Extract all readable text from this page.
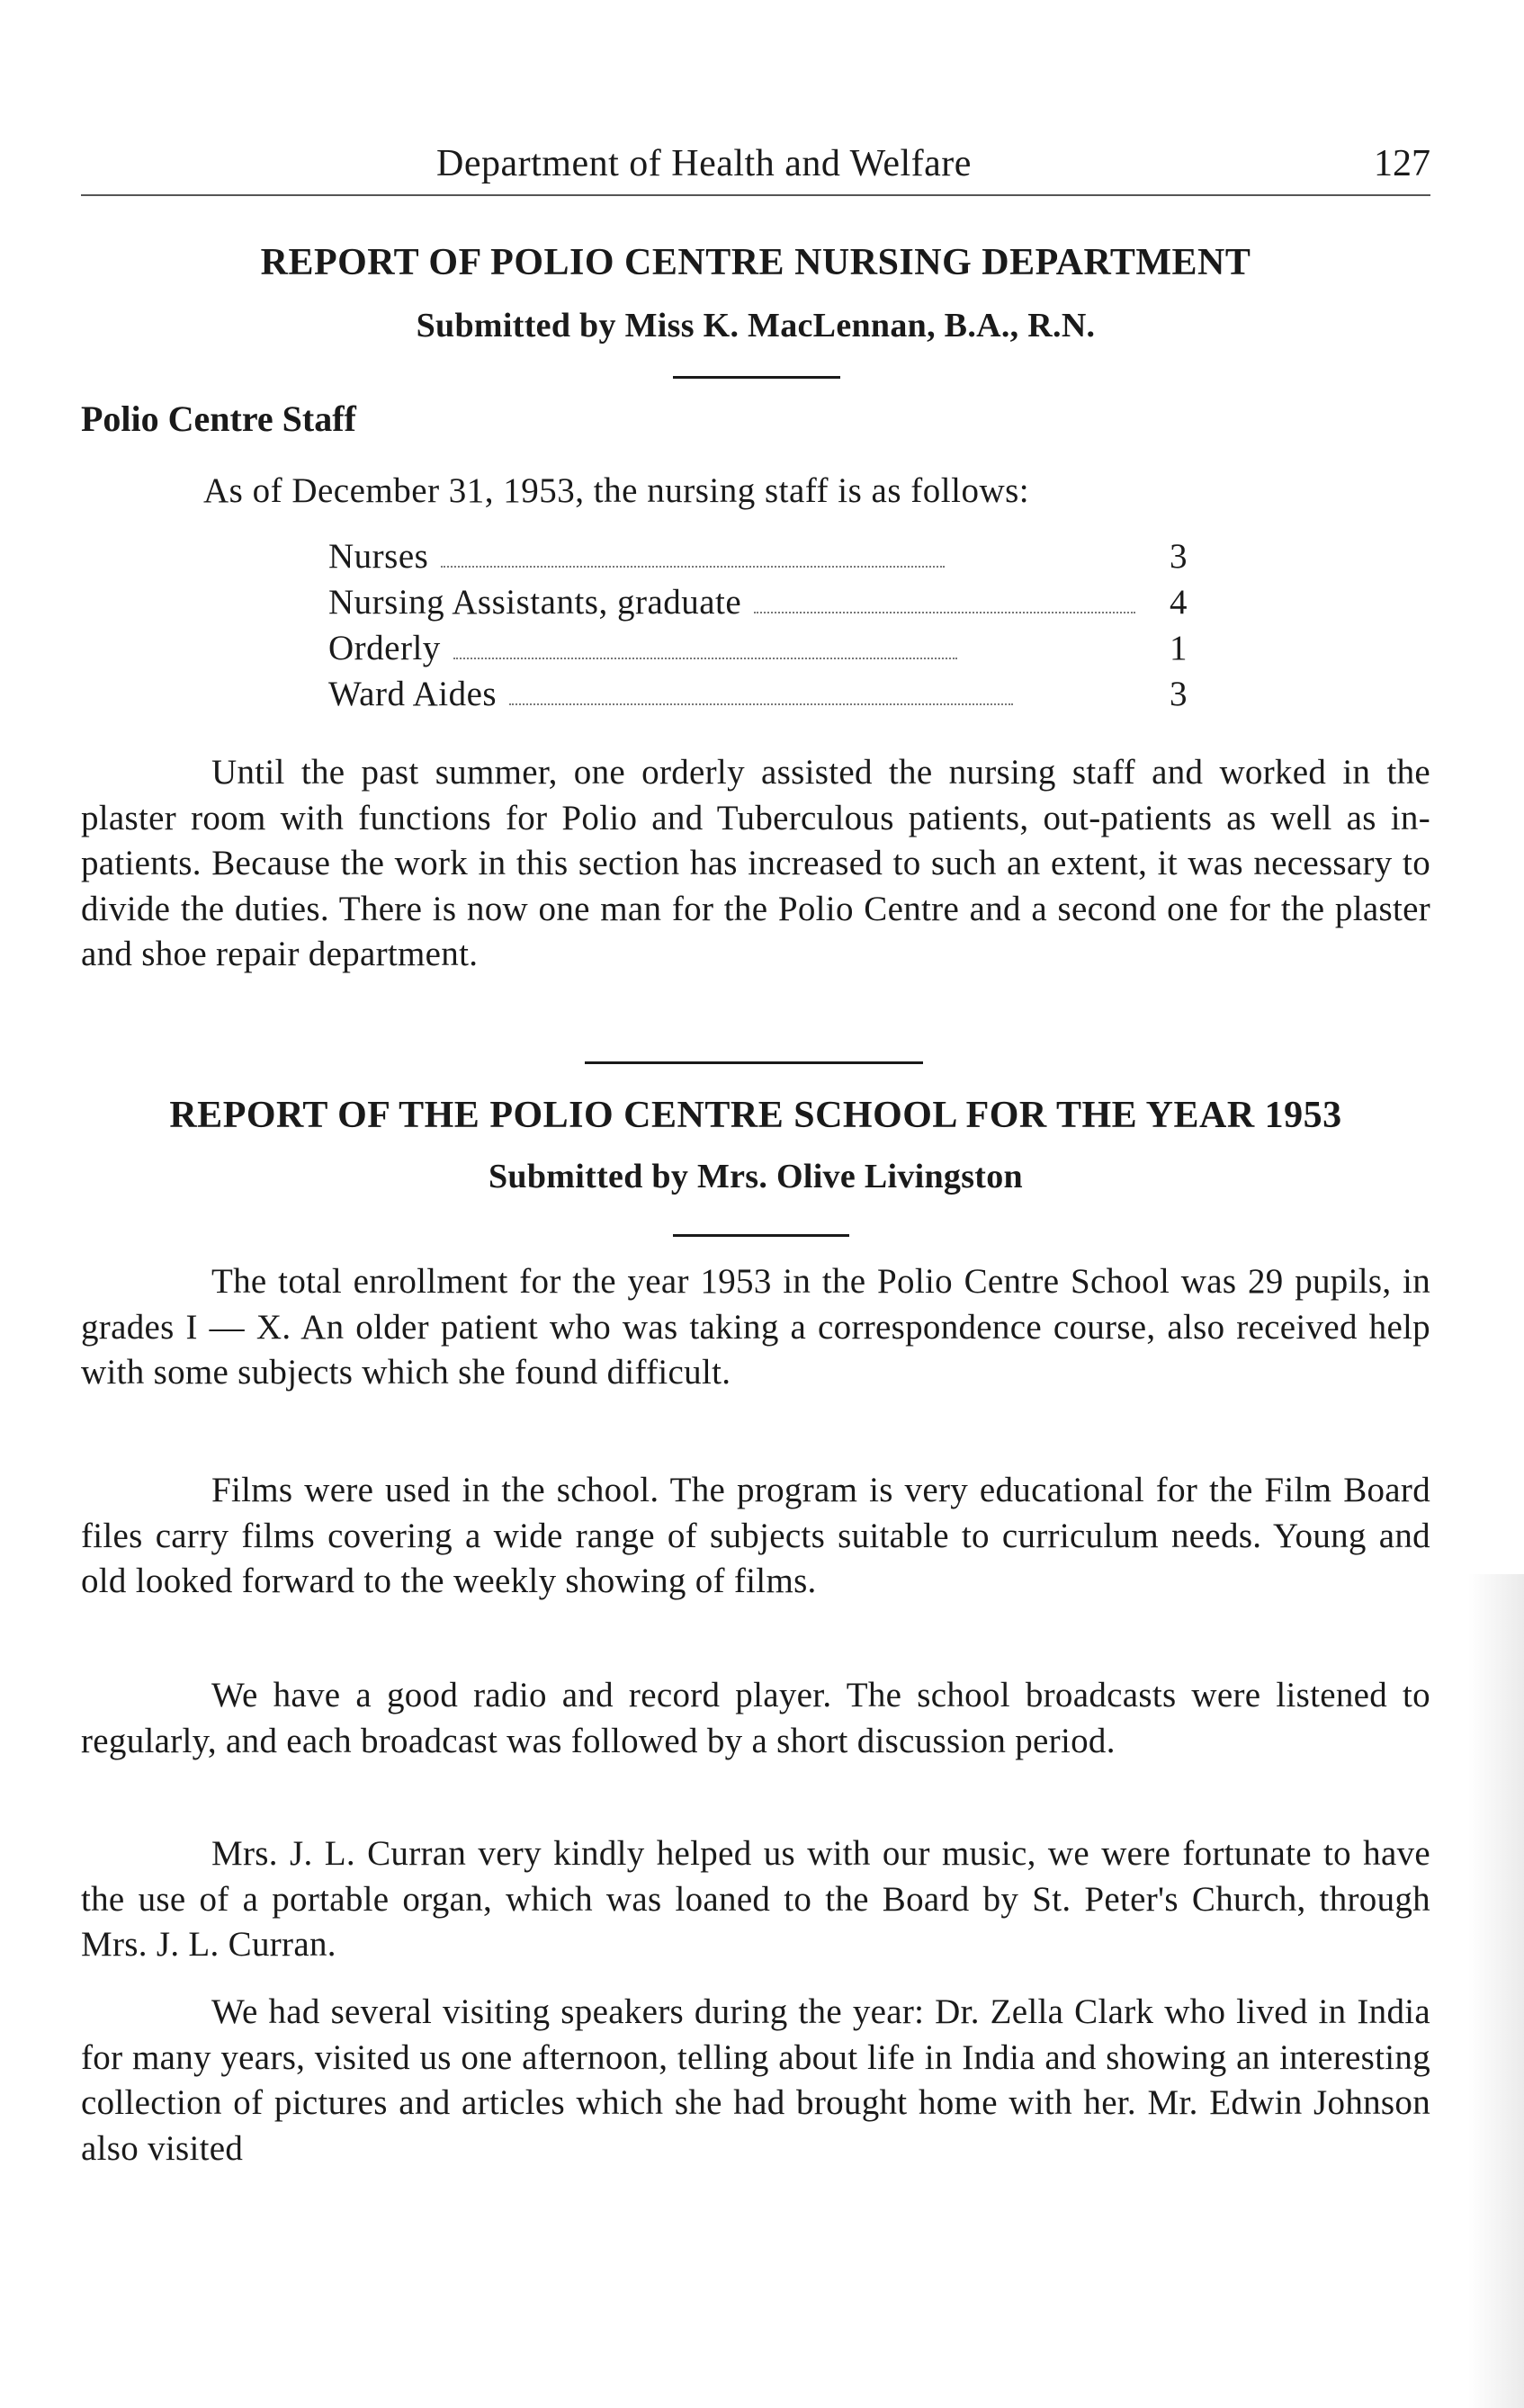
Department of Health and Welfare	127
REPORT OF POLIO CENTRE NURSING DEPARTMENT
Submitted by Miss K. MacLennan, B.A., R.N.
Polio Centre Staff
As of December 31, 1953, the nursing staff is as follows:
Nurses	3
Nursing Assistants, graduate	4
Orderly	1
Ward Aides	3

Until the past summer, one orderly assisted the nursing staff and worked in the plaster room with functions for Polio and Tuberculous patients, out-patients as well as in-patients. Because the work in this section has increased to such an extent, it was necessary to divide the duties. There is now one man for the Polio Centre and a second one for the plaster and shoe repair department.

REPORT OF THE POLIO CENTRE SCHOOL FOR THE YEAR 1953
Submitted by Mrs. Olive Livingston

The total enrollment for the year 1953 in the Polio Centre School was 29 pupils, in grades I — X. An older patient who was taking a correspondence course, also received help with some subjects which she found difficult.

Films were used in the school. The program is very educational for the Film Board files carry films covering a wide range of subjects suitable to curriculum needs. Young and old looked forward to the weekly showing of films.

We have a good radio and record player. The school broadcasts were listened to regularly, and each broadcast was followed by a short discussion period.

Mrs. J. L. Curran very kindly helped us with our music, we were fortunate to have the use of a portable organ, which was loaned to the Board by St. Peter's Church, through Mrs. J. L. Curran.

We had several visiting speakers during the year: Dr. Zella Clark who lived in India for many years, visited us one afternoon, telling about life in India and showing an interesting collection of pictures and articles which she had brought home with her. Mr. Edwin Johnson also visited
